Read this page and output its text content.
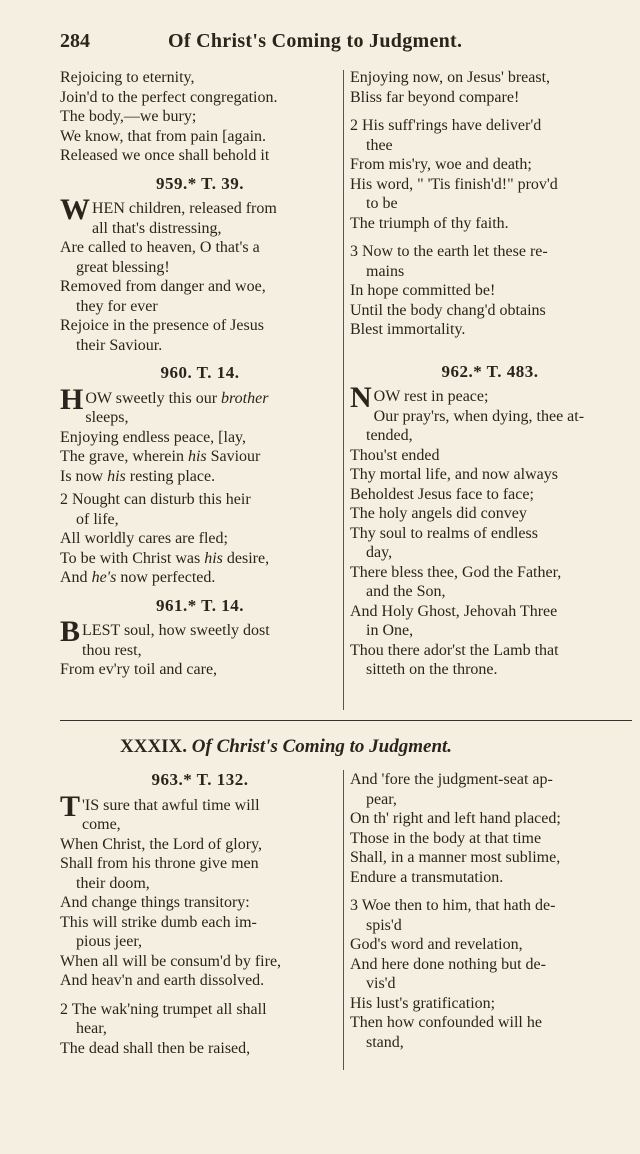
284	Of Christ's Coming to Judgment.
Rejoicing to eternity,
Join'd to the perfect congregation.
The body,—we bury;
We know, that from pain [again.
Released we once shall behold it
959.* T. 39.
WHEN children, released from
all that's distressing,
Are called to heaven, O that's a
great blessing!
Removed from danger and woe,
they for ever
Rejoice in the presence of Jesus
their Saviour.
960. T. 14.
HOW sweetly this our brother
sleeps,
Enjoying endless peace, [lay,
The grave, wherein his Saviour
Is now his resting place.
2 Nought can disturb this heir
of life,
All worldly cares are fled;
To be with Christ was his desire,
And he's now perfected.
961.* T. 14.
BLEST soul, how sweetly dost
thou rest,
From ev'ry toil and care,
Enjoying now, on Jesus' breast,
Bliss far beyond compare!
2 His suff'rings have deliver'd
thee
From mis'ry, woe and death;
His word, " 'Tis finish'd!" prov'd
to be
The triumph of thy faith.
3 Now to the earth let these re-
mains
In hope committed be!
Until the body chang'd obtains
Blest immortality.
962.* T. 483.
NOW rest in peace;
Our pray'rs, when dying, thee at-
tended,
Thou'st ended
Thy mortal life, and now always
Beholdest Jesus face to face;
The holy angels did convey
Thy soul to realms of endless
day,
There bless thee, God the Father,
and the Son,
And Holy Ghost, Jehovah Three
in One,
Thou there ador'st the Lamb that
sitteth on the throne.
XXXIX. Of Christ's Coming to Judgment.
963.* T. 132.
'
T IS sure that awful time will
come,
When Christ, the Lord of glory,
Shall from his throne give men
their doom,
And change things transitory:
This will strike dumb each im-
pious jeer,
When all will be consum'd by fire,
And heav'n and earth dissolved.
2 The wak'ning trumpet all shall
hear,
The dead shall then be raised,
And 'fore the judgment-seat ap-
pear,
On th' right and left hand placed;
Those in the body at that time
Shall, in a manner most sublime,
Endure a transmutation.
3 Woe then to him, that hath de-
spis'd
God's word and revelation,
And here done nothing but de-
vis'd
His lust's gratification;
Then how confounded will he
stand,
